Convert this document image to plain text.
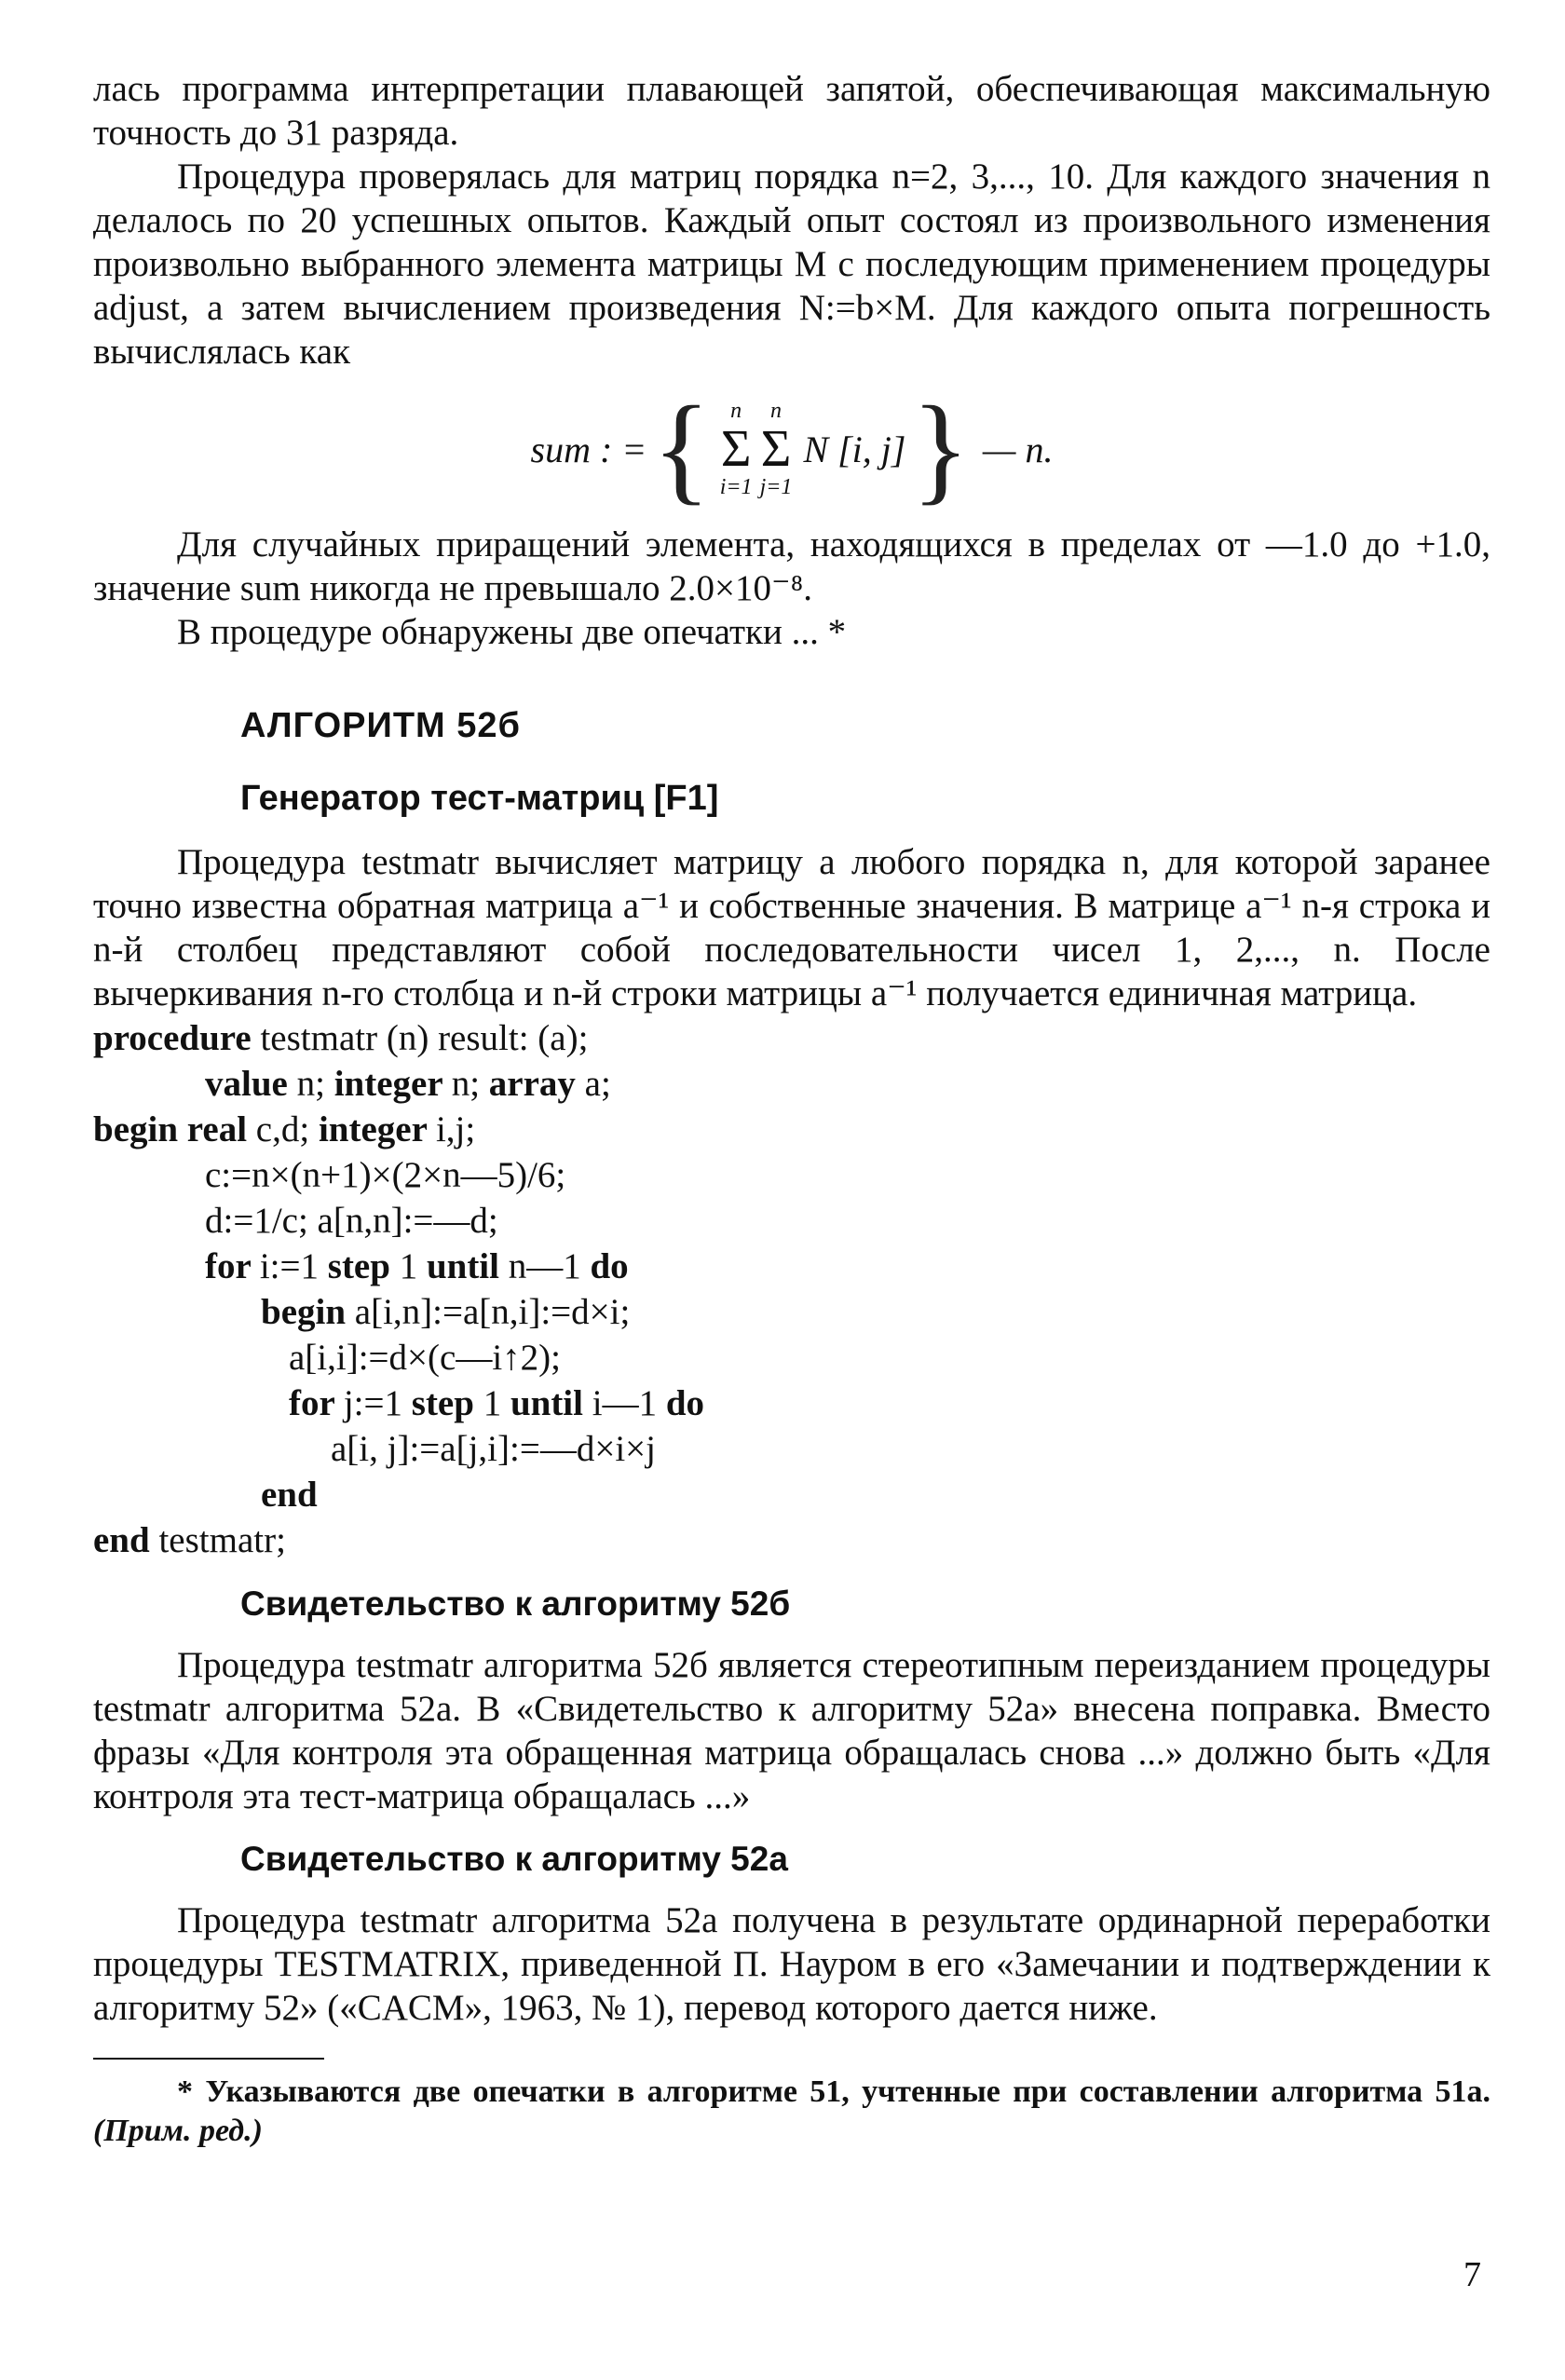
лась программа интерпретации плавающей запятой, обеспечивающая максимальную точность до 31 разряда.

Процедура проверялась для матриц порядка n=2, 3,..., 10. Для каждого значения n делалось по 20 успешных опытов. Каждый опыт состоял из произвольного изменения произвольно выбранного элемента матрицы M с последующим применением процедуры adjust, а затем вычислением произведения N:=b×M. Для каждого опыта погрешность вычислялась как

sum : = { n
Σ
i=1
n
Σ
j=1
N [i, j] } — n.

Для случайных приращений элемента, находящихся в пределах от —1.0 до +1.0, значение sum никогда не превышало 2.0×10⁻⁸.

В процедуре обнаружены две опечатки ... *

АЛГОРИТМ 52б
Генератор тест-матриц [F1]

Процедура testmatr вычисляет матрицу a любого порядка n, для которой заранее точно известна обратная матрица a⁻¹ и собственные значения. В матрице a⁻¹ n-я строка и n-й столбец представляют собой последовательности чисел 1, 2,..., n. После вычеркивания n-го столбца и n-й строки матрицы a⁻¹ получается единичная матрица.

procedure testmatr (n) result: (a);
value n; integer n; array a;
begin real c,d; integer i,j;
c:=n×(n+1)×(2×n—5)/6;
d:=1/c; a[n,n]:=—d;
for i:=1 step 1 until n—1 do
begin a[i,n]:=a[n,i]:=d×i;
a[i,i]:=d×(c—i↑2);
for j:=1 step 1 until i—1 do
a[i, j]:=a[j,i]:=—d×i×j
end
end testmatr;
Свидетельство к алгоритму 52б

Процедура testmatr алгоритма 52б является стереотипным переизданием процедуры testmatr алгоритма 52а. В «Свидетельство к алгоритму 52а» внесена поправка. Вместо фразы «Для контроля эта обращенная матрица обращалась снова ...» должно быть «Для контроля эта тест-матрица обращалась ...»

Свидетельство к алгоритму 52а

Процедура testmatr алгоритма 52а получена в результате ординарной переработки процедуры TESTMATRIX, приведенной П. Науром в его «Замечании и подтверждении к алгоритму 52» («CACM», 1963, № 1), перевод которого дается ниже.

* Указываются две опечатки в алгоритме 51, учтенные при составлении алгоритма 51а. (Прим. ред.)

7
